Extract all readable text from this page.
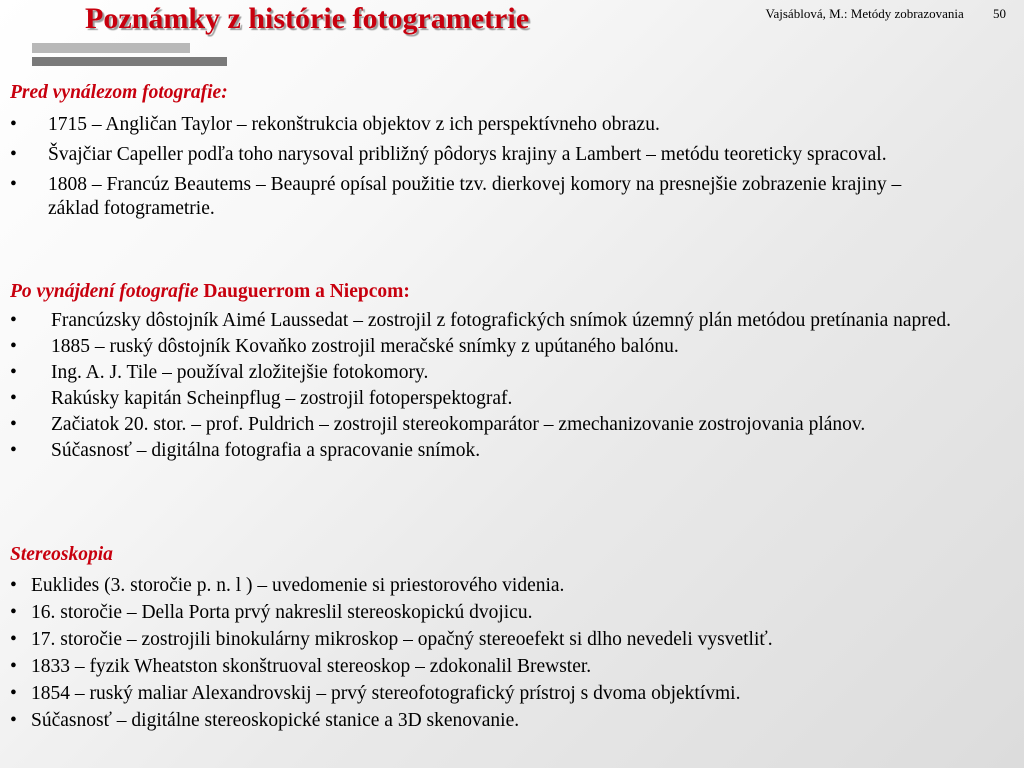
Poznámky z histórie fotogrametrie	Vajsáblová, M.: Metódy zobrazovania 50
Pred vynálezom fotografie:
• 1715 – Angličan Taylor – rekonštrukcia objektov z ich perspektívneho obrazu.
• Švajčiar Capeller podľa toho narysoval približný pôdorys krajiny a Lambert – metódu teoreticky spracoval.
• 1808 – Francúz Beautems – Beaupré opísal použitie tzv. dierkovej komory na presnejšie zobrazenie krajiny – základ fotogrametrie.
Po vynájdení fotografie Dauguerrom a Niepcom:
• Francúzsky dôstojník Aimé Laussedat – zostrojil z fotografických snímok územný plán metódou pretínania napred.
• 1885 – ruský dôstojník Kovaňko zostrojil meračské snímky z upútaného balónu.
• Ing. A. J. Tile – používal zložitejšie fotokomory.
• Rakúsky kapitán Scheinpflug – zostrojil fotoperspektograf.
• Začiatok 20. stor. – prof. Puldrich – zostrojil stereokomparátor – zmechanizovanie zostrojovania plánov.
• Súčasnosť – digitálna fotografia a spracovanie snímok.
Stereoskopia
• Euklides (3. storočie p. n. l ) – uvedomenie si priestorového videnia.
• 16. storočie – Della Porta prvý nakreslil stereoskopickú dvojicu.
• 17. storočie – zostrojili binokulárny mikroskop – opačný stereoefekt si dlho nevedeli vysvetliť.
• 1833 – fyzik Wheatston skonštruoval stereoskop – zdokonalil Brewster.
• 1854 – ruský maliar Alexandrovskij – prvý stereofotografický prístroj s dvoma objektívmi.
• Súčasnosť – digitálne stereoskopické stanice a 3D skenovanie.
